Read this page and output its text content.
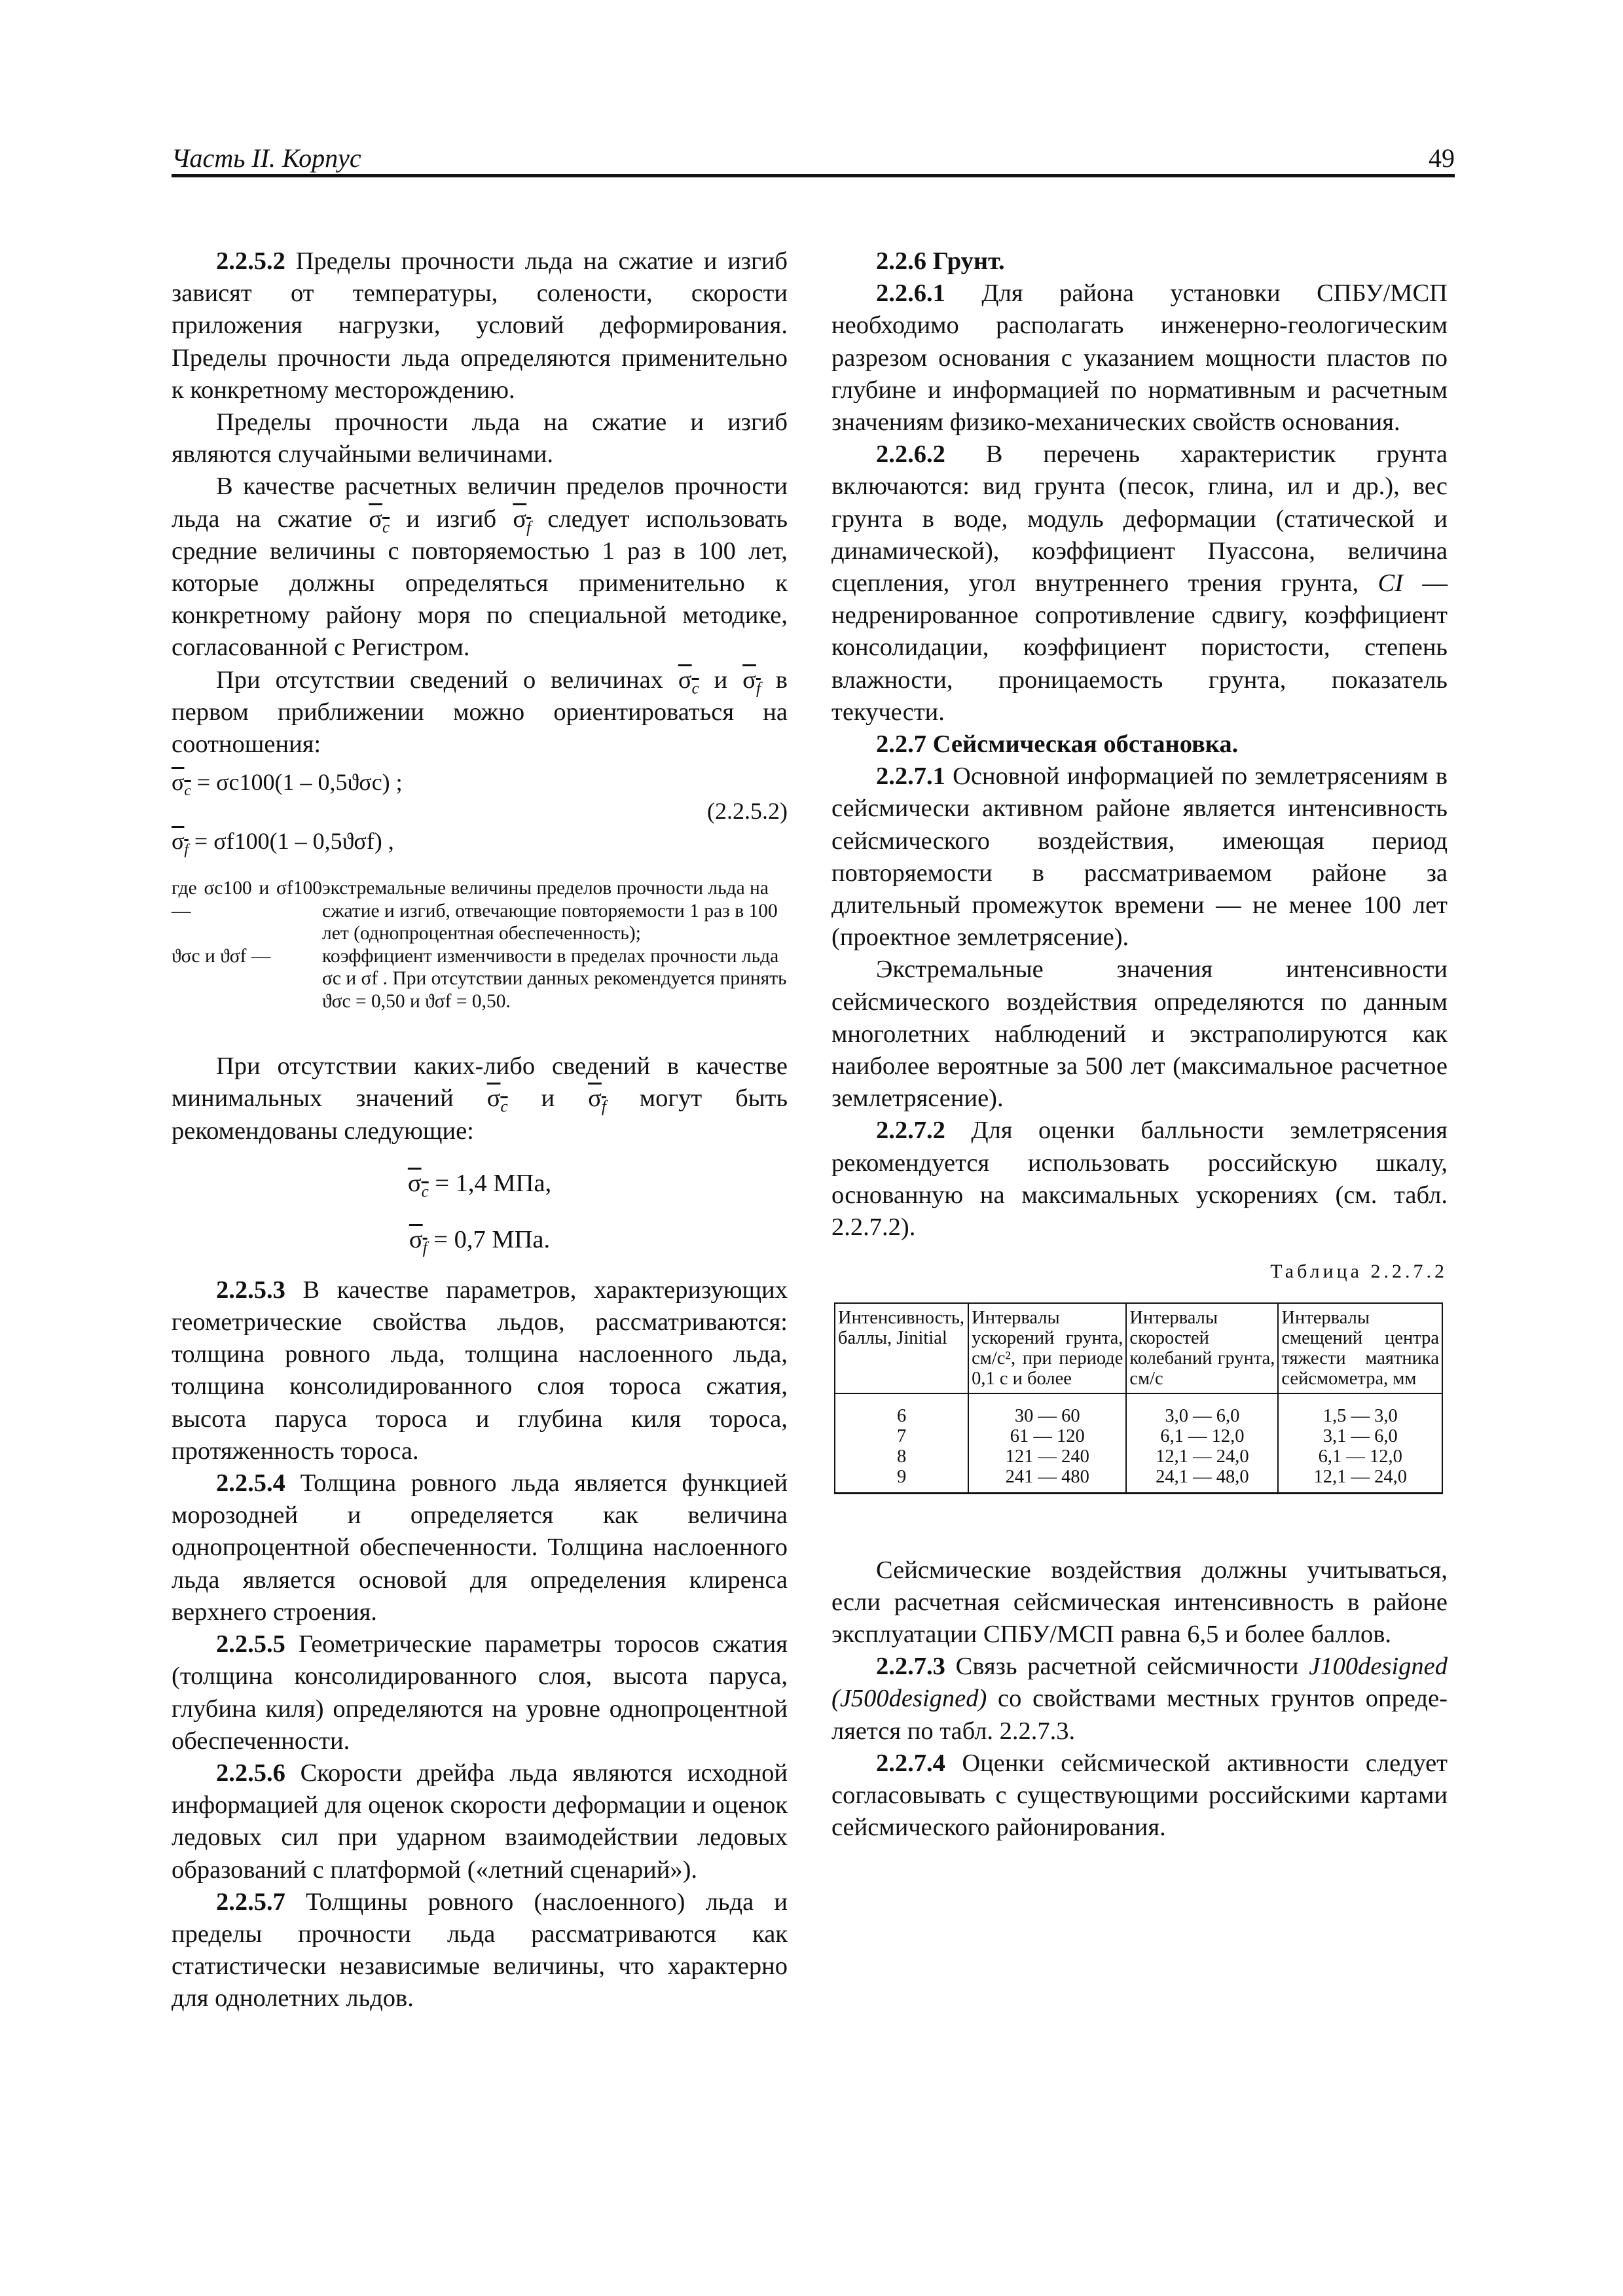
Часть II. Корпус	49

2.2.5.2 Пределы прочности льда на сжатие и изгиб зависят от температуры, солености, скорости приложения нагрузки, условий деформирования. Пределы прочности льда определяются применительно к конкретному месторождению.

Пределы прочности льда на сжатие и изгиб являются случайными величинами.

В качестве расчетных величин пределов прочности льда на сжатие $\sigma_c$ и изгиб $\sigma_f$ следует использовать средние величины с повторяемостью 1 раз в 100 лет, которые должны определяться применительно к конкретному району моря по специальной методике, согласованной с Регистром.

При отсутствии сведений о величинах $\sigma_c$ и $\sigma_f$ в первом приближении можно ориентироваться на соотношения:

$\sigma_c = \sigma c100(1 - 0,5ϑ\sigma c)$ ;
$\sigma_f = \sigma f100(1 - 0,5ϑ\sigma f)$ ,
(2.2.5.2)
где σc100 и σf100 —
экстремальные величины пределов прочности льда на сжатие и изгиб, отвечающие повторяемости 1 раз в 100 лет (однопроцентная обеспеченность);
ϑσc и ϑσf —	коэффициент изменчивости в пределах прочности льда σc и σf . При отсутствии данных рекомендуется принять ϑσc = 0,50 и ϑσf = 0,50.

При отсутствии каких-либо сведений в качестве минимальных значений $\sigma_c$ и $\sigma_f$ могут быть рекомендованы следующие:

$\sigma_c = 1,4$ МПа,
$\sigma_f = 0,7$ МПа.

2.2.5.3 В качестве параметров, характеризующих геометрические свойства льдов, рассматриваются: толщина ровного льда, толщина наслоенного льда, толщина консолидированного слоя тороса сжатия, высота паруса тороса и глубина киля тороса, протяженность тороса.

2.2.5.4 Толщина ровного льда является функцией морозодней и определяется как величина однопроцентной обеспеченности. Толщина наслоенного льда является основой для определения клиренса верхнего строения.

2.2.5.5 Геометрические параметры торосов сжатия (толщина консолидированного слоя, высота паруса, глубина киля) определяются на уровне однопроцентной обеспеченности.

2.2.5.6 Скорости дрейфа льда являются исходной информацией для оценок скорости деформации и оценок ледовых сил при ударном взаимодействии ледовых образований с платформой («летний сценарий»).

2.2.5.7 Толщины ровного (наслоенного) льда и пределы прочности льда рассматриваются как статистически независимые величины, что характерно для однолетних льдов.

2.2.6 Грунт.

2.2.6.1 Для района установки СПБУ/МСП необходимо располагать инженерно-геологическим разрезом основания с указанием мощности пластов по глубине и информацией по нормативным и расчетным значениям физико-механических свойств основания.

2.2.6.2 В перечень характеристик грунта включаются: вид грунта (песок, глина, ил и др.), вес грунта в воде, модуль деформации (статической и динамической), коэффициент Пуассона, величина сцепления, угол внутреннего трения грунта, CI — недренированное сопротивление сдвигу, коэффициент консолидации, коэффициент пористости, степень влажности, проницаемость грунта, показатель текучести.

2.2.7 Сейсмическая обстановка.

2.2.7.1 Основной информацией по землетрясениям в сейсмически активном районе является интенсивность сейсмического воздействия, имеющая период повторяемости в рассматриваемом районе за длительный промежуток времени — не менее 100 лет (проектное землетрясение).

Экстремальные значения интенсивности сейсмического воздействия определяются по данным многолетних наблюдений и экстраполируются как наиболее вероятные за 500 лет (максимальное расчетное землетрясение).

2.2.7.2 Для оценки балльности землетрясения рекомендуется использовать российскую шкалу, основанную на максимальных ускорениях (см. табл. 2.2.7.2).

Таблица 2.2.7.2
Интенсивность, баллы, Jinitial	Интервалы ускорений грунта, см/с², при периоде 0,1 с и более	Интервалы скоростей колебаний грунта, см/с	Интервалы смещений центра тяжести маятника сейсмометра, мм
6	30 — 60	3,0 — 6,0	1,5 — 3,0
7	61 — 120	6,1 — 12,0	3,1 — 6,0
8	121 — 240	12,1 — 24,0	6,1 — 12,0
9	241 — 480	24,1 — 48,0	12,1 — 24,0

Сейсмические воздействия должны учитываться, если расчетная сейсмическая интенсивность в районе эксплуатации СПБУ/МСП равна 6,5 и более баллов.

2.2.7.3 Связь расчетной сейсмичности J100designed (J500designed) со свойствами местных грунтов опреде-ляется по табл. 2.2.7.3.

2.2.7.4 Оценки сейсмической активности следует согласовывать с существующими российскими картами сейсмического районирования.
